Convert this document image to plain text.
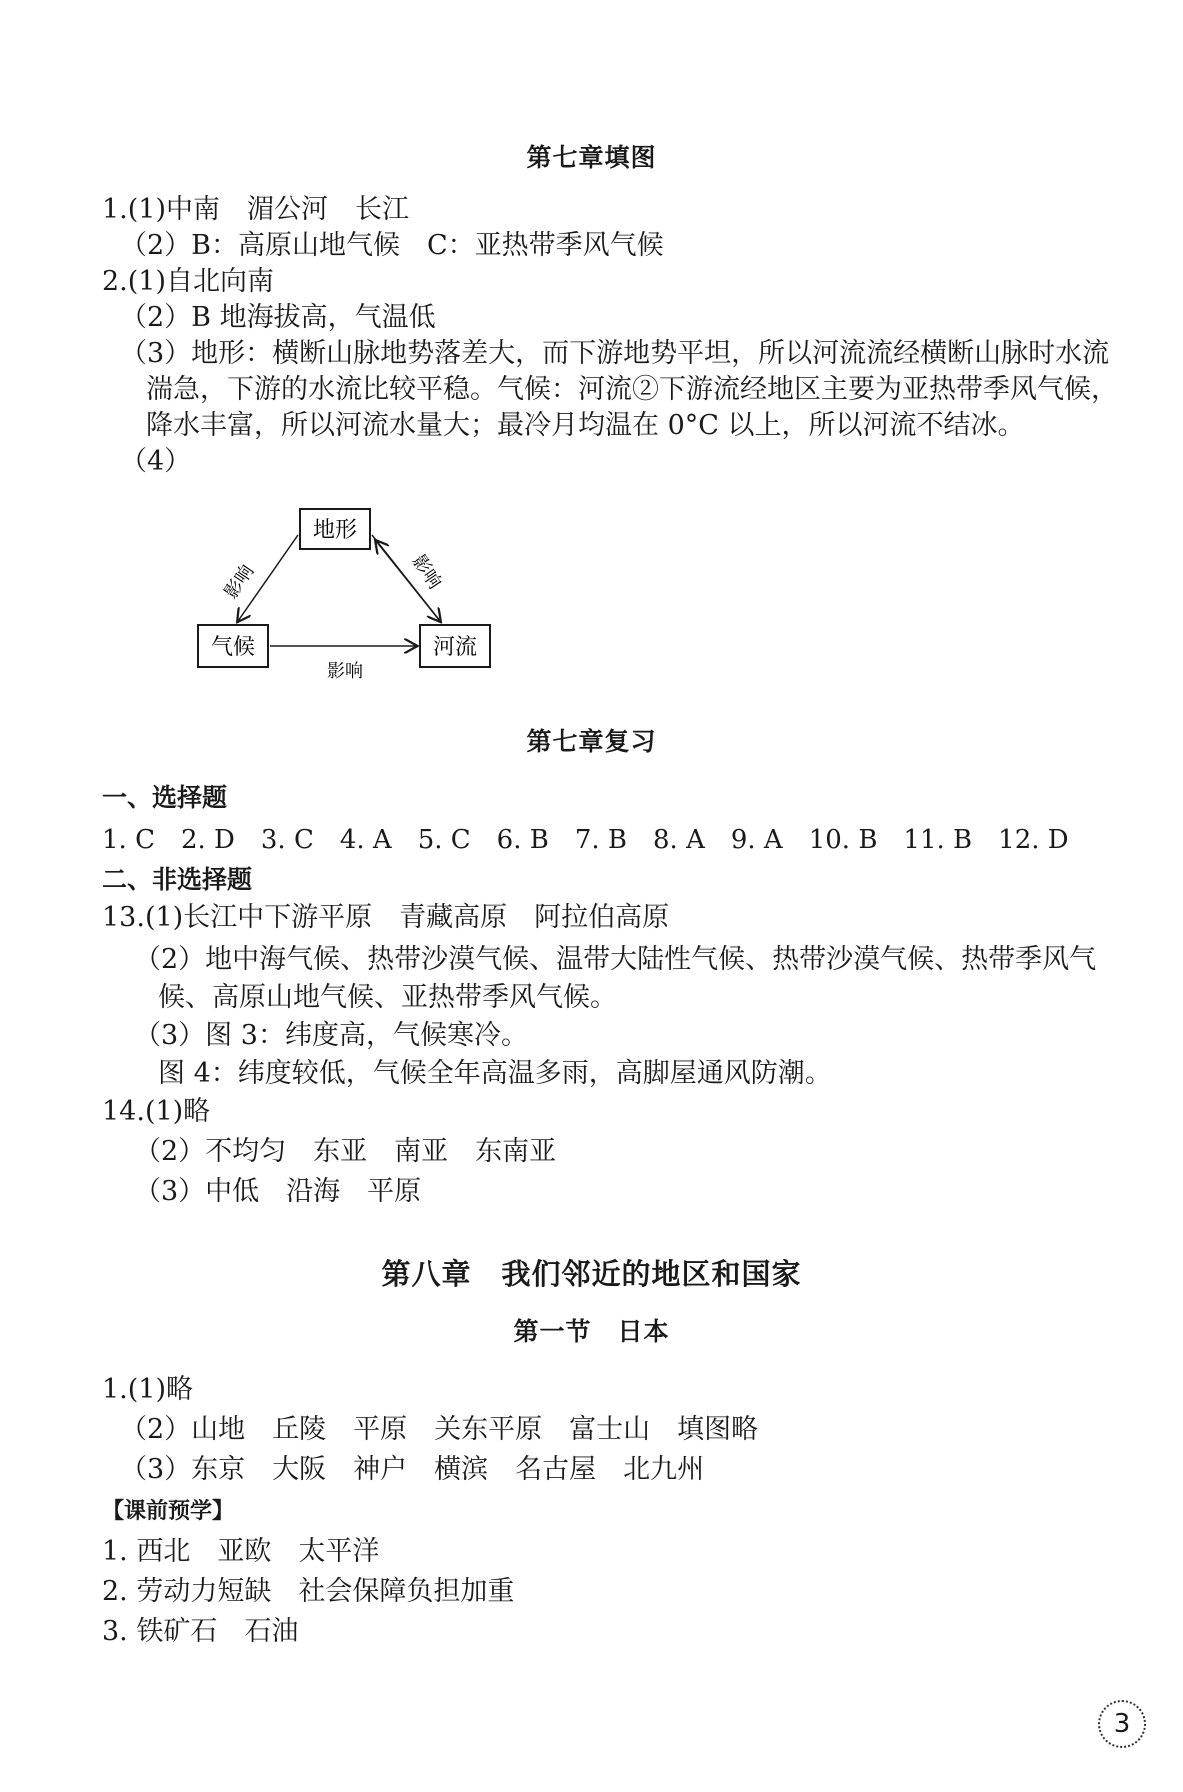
第七章填图
1.(1)中南　湄公河　长江
（2）B：高原山地气候　C：亚热带季风气候
2.(1)自北向南
（2）B 地海拔高，气温低
（3）地形：横断山脉地势落差大，而下游地势平坦，所以河流流经横断山脉时水流
湍急，下游的水流比较平稳。气候：河流②下游流经地区主要为亚热带季风气候，
降水丰富，所以河流水量大；最冷月均温在 0°C 以上，所以河流不结冰。
（4）
地形
气候	河流
影响	影响
影响
第七章复习
一、选择题
1. C　2. D　3. C　4. A　5. C　6. B　7. B　8. A　9. A　10. B　11. B　12. D
二、非选择题
13.(1)长江中下游平原　青藏高原　阿拉伯高原
（2）地中海气候、热带沙漠气候、温带大陆性气候、热带沙漠气候、热带季风气
候、高原山地气候、亚热带季风气候。
（3）图 3：纬度高，气候寒冷。
图 4：纬度较低，气候全年高温多雨，高脚屋通风防潮。
14.(1)略
（2）不均匀　东亚　南亚　东南亚
（3）中低　沿海　平原
第八章　我们邻近的地区和国家
第一节　日本
1.(1)略
（2）山地　丘陵　平原　关东平原　富士山　填图略
（3）东京　大阪　神户　横滨　名古屋　北九州
【课前预学】
1. 西北　亚欧　太平洋
2. 劳动力短缺　社会保障负担加重
3. 铁矿石　石油
3
